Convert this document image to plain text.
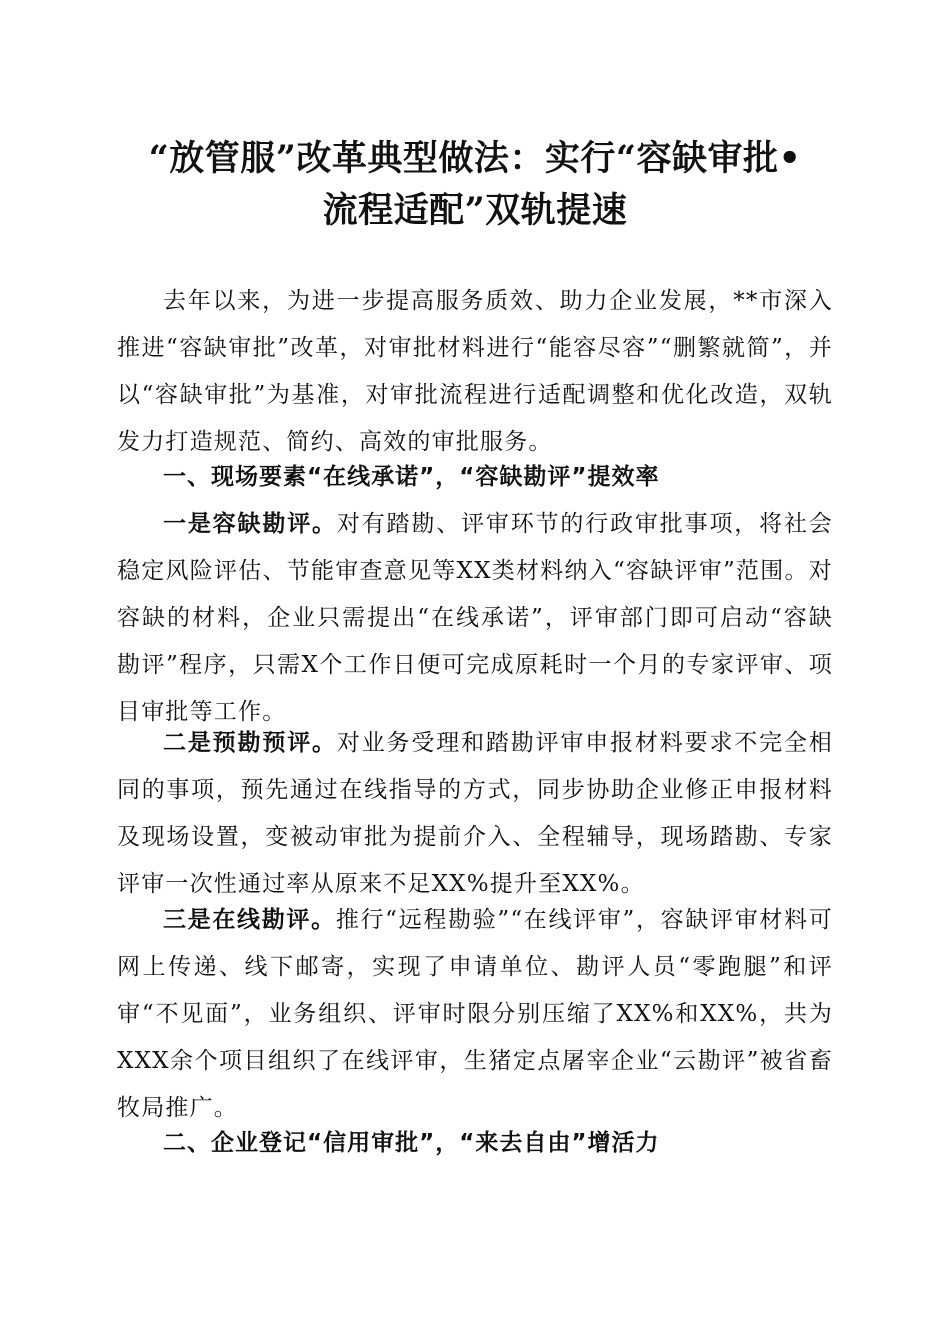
“放管服”改革典型做法：实行“容缺审批•
流程适配”双轨提速

去年以来，为进一步提高服务质效、助力企业发展，**市深入推进“容缺审批”改革，对审批材料进行“能容尽容”“删繁就简”，并以“容缺审批”为基准，对审批流程进行适配调整和优化改造，双轨发力打造规范、简约、高效的审批服务。

一、现场要素“在线承诺”，“容缺勘评”提效率

一是容缺勘评。对有踏勘、评审环节的行政审批事项，将社会稳定风险评估、节能审查意见等XX类材料纳入“容缺评审”范围。对容缺的材料，企业只需提出“在线承诺”，评审部门即可启动“容缺勘评”程序，只需X个工作日便可完成原耗时一个月的专家评审、项目审批等工作。

二是预勘预评。对业务受理和踏勘评审申报材料要求不完全相同的事项，预先通过在线指导的方式，同步协助企业修正申报材料及现场设置，变被动审批为提前介入、全程辅导，现场踏勘、专家评审一次性通过率从原来不足XX%提升至XX%。

三是在线勘评。推行“远程勘验”“在线评审”，容缺评审材料可网上传递、线下邮寄，实现了申请单位、勘评人员“零跑腿”和评审“不见面”，业务组织、评审时限分别压缩了XX%和XX%，共为XXX余个项目组织了在线评审，生猪定点屠宰企业“云勘评”被省畜牧局推广。

二、企业登记“信用审批”，“来去自由”增活力
